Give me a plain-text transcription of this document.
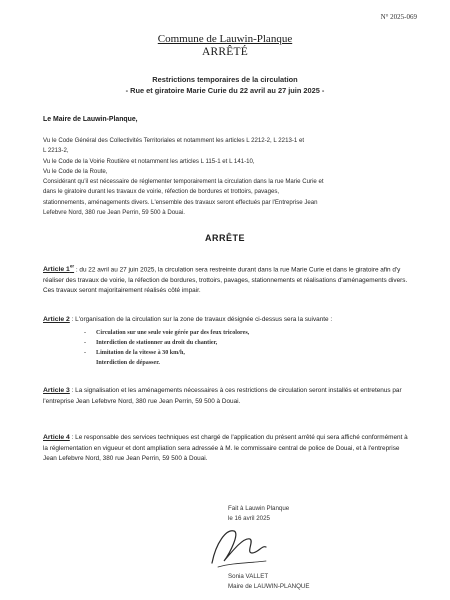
N° 2025-069
Commune de Lauwin-Planque
ARRÊTÉ
Restrictions temporaires de la circulation
- Rue et giratoire Marie Curie du 22 avril au 27 juin 2025 -
Le Maire de Lauwin-Planque,

Vu le Code Général des Collectivités Territoriales et notamment les articles L 2212-2, L 2213-1 et

L 2213-2,

Vu le Code de la Voirie Routière et notamment les articles L 115-1 et L 141-10,

Vu le Code de la Route,

Considérant qu'il est nécessaire de réglementer temporairement la circulation dans la rue Marie Curie et

dans le giratoire durant les travaux de voirie, réfection de bordures et trottoirs, pavages,

stationnements, aménagements divers. L'ensemble des travaux seront effectués par l'Entreprise Jean

Lefebvre Nord, 380 rue Jean Perrin, 59 500 à Douai.

ARRÊTE
Article 1er : du 22 avril au 27 juin 2025, la circulation sera restreinte durant dans la rue Marie Curie et dans le giratoire afin d'y réaliser des travaux de voirie, la réfection de bordures, trottoirs, pavages, stationnements et réalisations d'aménagements divers.
Ces travaux seront majoritairement réalisés côté impair.
Article 2 : L'organisation de la circulation sur la zone de travaux désignée ci-dessus sera la suivante :
- Circulation sur une seule voie gérée par des feux tricolores,
- Interdiction de stationner au droit du chantier,
- Limitation de la vitesse à 30 km/h,
Interdiction de dépasser.
Article 3 : La signalisation et les aménagements nécessaires à ces restrictions de circulation seront installés et entretenus par l'entreprise Jean Lefebvre Nord, 380 rue Jean Perrin, 59 500 à Douai.
Article 4 : Le responsable des services techniques est chargé de l'application du présent arrêté qui sera affiché conformément à la réglementation en vigueur et dont ampliation sera adressée à M. le commissaire central de police de Douai, et à l'entreprise Jean Lefebvre Nord, 380 rue Jean Perrin, 59 500 à Douai.
Fait à Lauwin Planque
le 16 avril 2025
Sonia VALLET
Maire de LAUWIN-PLANQUE
